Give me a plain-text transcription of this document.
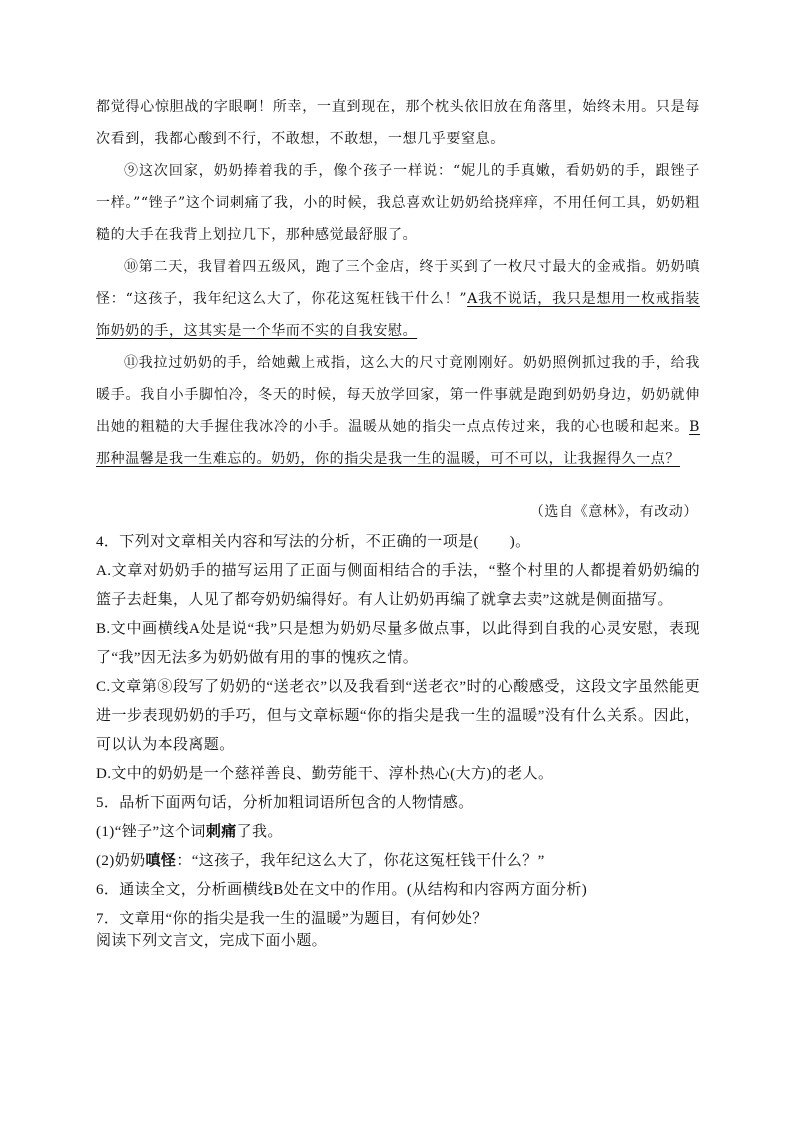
都觉得心惊胆战的字眼啊！所幸，一直到现在，那个枕头依旧放在角落里，始终未用。只是每次看到，我都心酸到不行，不敢想，不敢想，一想几乎要窒息。

⑨这次回家，奶奶捧着我的手，像个孩子一样说：“妮儿的手真嫩，看奶奶的手，跟锉子一样。”“锉子”这个词刺痛了我，小的时候，我总喜欢让奶奶给挠痒痒，不用任何工具，奶奶粗糙的大手在我背上划拉几下，那种感觉最舒服了。

⑩第二天，我冒着四五级风，跑了三个金店，终于买到了一枚尺寸最大的金戒指。奶奶嗔怪：“这孩子，我年纪这么大了，你花这冤枉钱干什么！”A我不说话，我只是想用一枚戒指装饰奶奶的手，这其实是一个华而不实的自我安慰。

⑪我拉过奶奶的手，给她戴上戒指，这么大的尺寸竟刚刚好。奶奶照例抓过我的手，给我暖手。我自小手脚怕冷，冬天的时候，每天放学回家，第一件事就是跑到奶奶身边，奶奶就伸出她的粗糙的大手握住我冰冷的小手。温暖从她的指尖一点点传过来，我的心也暖和起来。B那种温馨是我一生难忘的。奶奶，你的指尖是我一生的温暖，可不可以，让我握得久一点？

（选自《意林》，有改动）

4．下列对文章相关内容和写法的分析，不正确的一项是(　　)。

A.文章对奶奶手的描写运用了正面与侧面相结合的手法，“整个村里的人都提着奶奶编的篮子去赶集，人见了都夸奶奶编得好。有人让奶奶再编了就拿去卖”这就是侧面描写。

B.文中画横线A处是说“我”只是想为奶奶尽量多做点事，以此得到自我的心灵安慰，表现了“我”因无法多为奶奶做有用的事的愧疚之情。

C.文章第⑧段写了奶奶的“送老衣”以及我看到“送老衣”时的心酸感受，这段文字虽然能更进一步表现奶奶的手巧，但与文章标题“你的指尖是我一生的温暖”没有什么关系。因此，可以认为本段离题。

D.文中的奶奶是一个慈祥善良、勤劳能干、淳朴热心(大方)的老人。

5．品析下面两句话，分析加粗词语所包含的人物情感。

(1)“锉子”这个词刺痛了我。

(2)奶奶嗔怪：“这孩子，我年纪这么大了，你花这冤枉钱干什么？”

6．通读全文，分析画横线B处在文中的作用。(从结构和内容两方面分析)

7．文章用“你的指尖是我一生的温暖”为题目，有何妙处？

阅读下列文言文，完成下面小题。
